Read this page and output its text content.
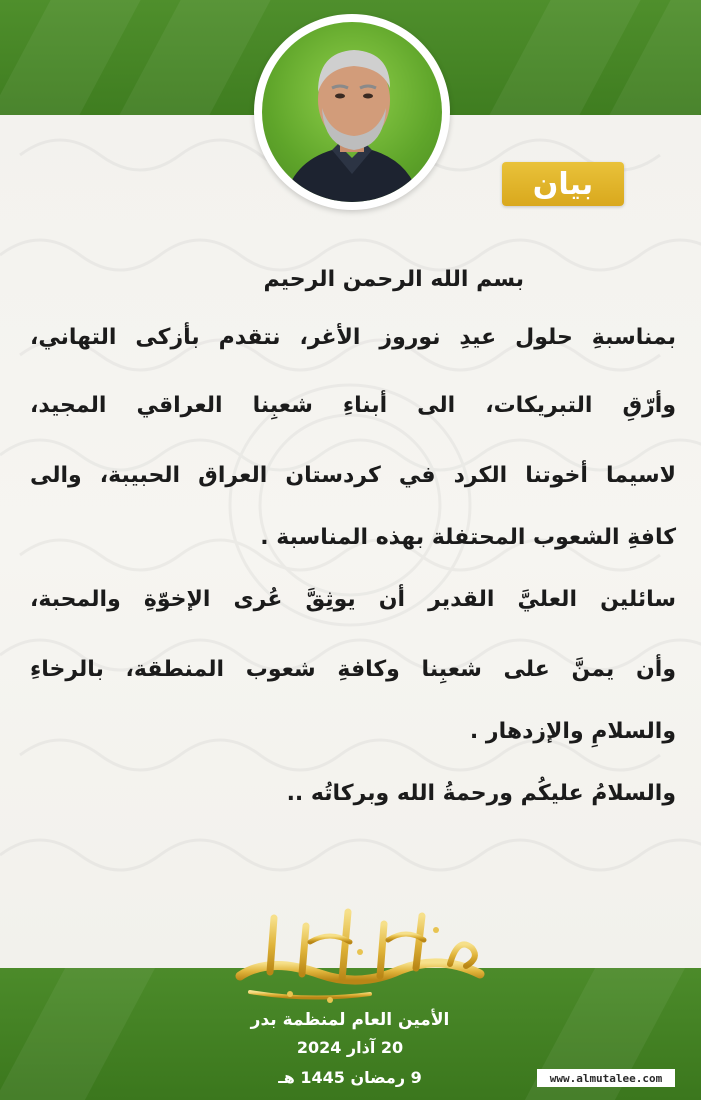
بيان
بسم الله الرحمن الرحيم
بمناسبةِ حلول عيدِ نوروز الأغر، نتقدم بأزكى التهاني،
وأرّقِ التبريكات، الى أبناءِ شعبِنا العراقي المجيد،
لاسيما أخوتنا الكرد في كردستان العراق الحبيبة، والى
كافةِ الشعوب المحتفلة بهذه المناسبة .
سائلين العليَّ القدير أن يوثِقَّ عُرى الإخوّةِ والمحبة،
وأن يمنَّ على شعبِنا وكافةِ شعوب المنطقة، بالرخاءِ
والسلامِ والإزدهار .
والسلامُ عليكُم ورحمةُ الله وبركاتُه ..
الأمين العام لمنظمة بدر
20 آذار 2024
9 رمضان 1445 هـ	www.almutalee.com
